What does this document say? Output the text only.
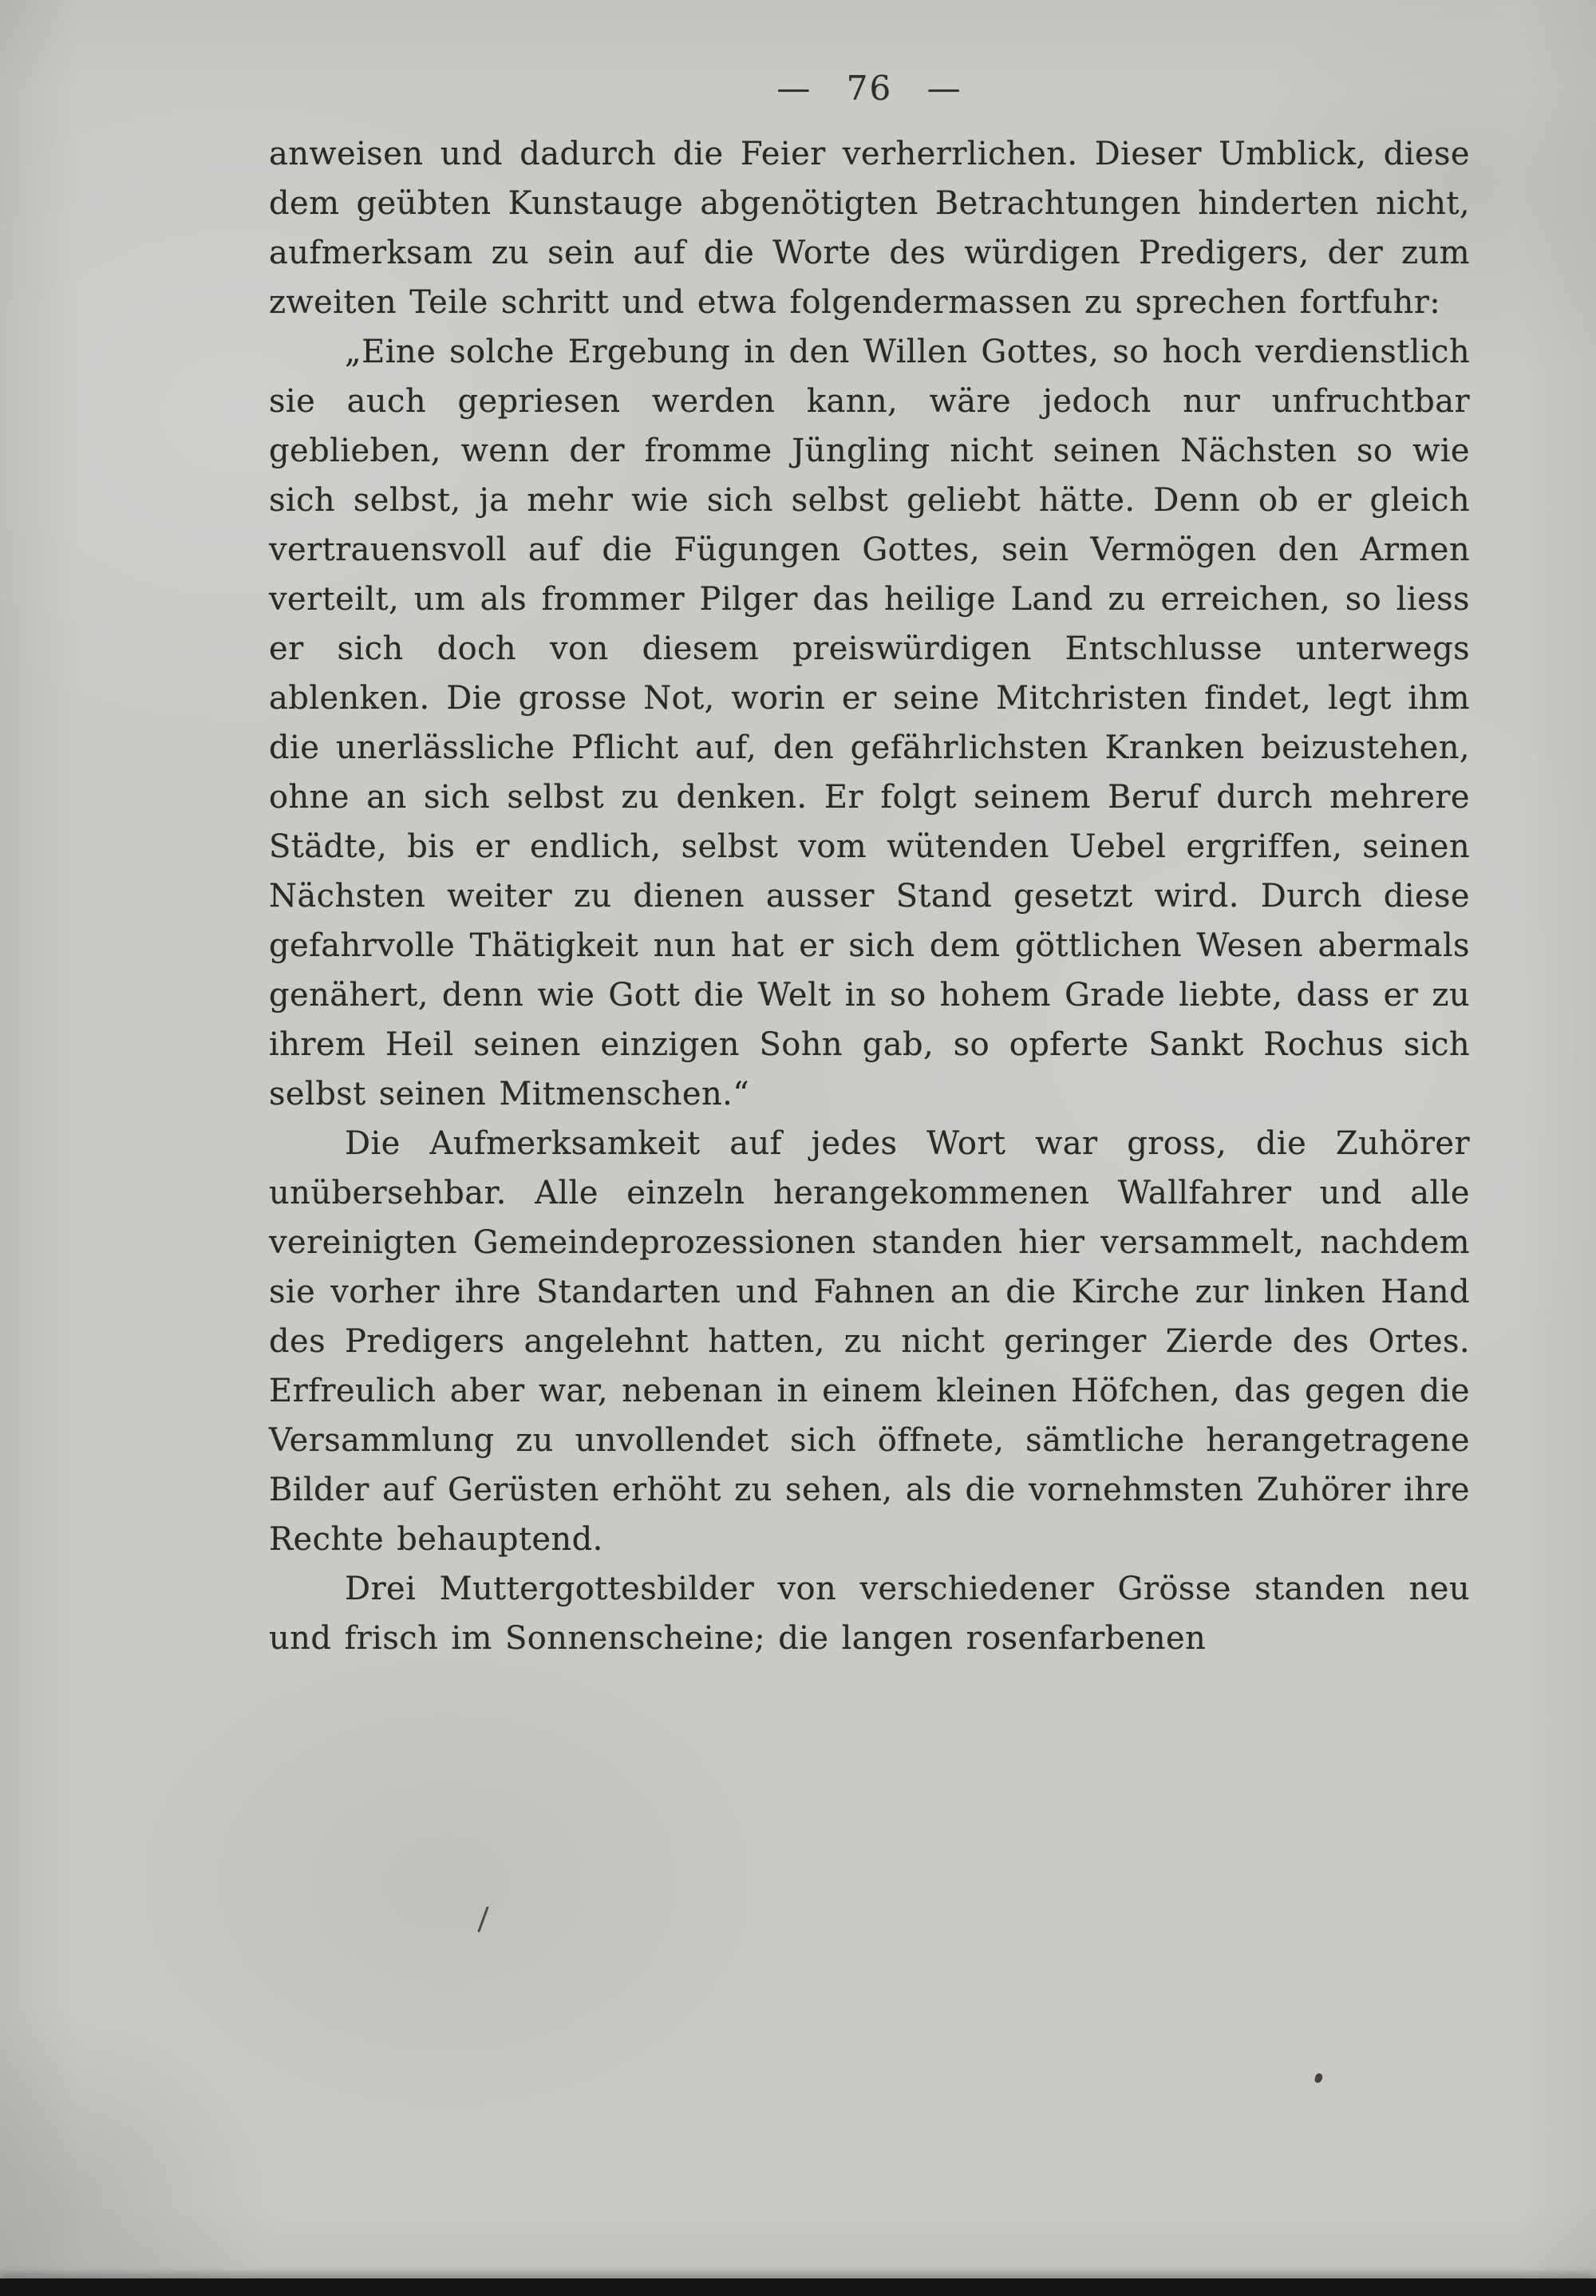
— 76 —

anweisen und dadurch die Feier verherrlichen. Dieser Umblick, diese dem geübten Kunstauge abgenötigten Betrachtungen hinderten nicht, aufmerksam zu sein auf die Worte des würdigen Predigers, der zum zweiten Teile schritt und etwa folgendermassen zu sprechen fortfuhr:

„Eine solche Ergebung in den Willen Gottes, so hoch verdienstlich sie auch gepriesen werden kann, wäre jedoch nur unfruchtbar geblieben, wenn der fromme Jüngling nicht seinen Nächsten so wie sich selbst, ja mehr wie sich selbst geliebt hätte. Denn ob er gleich vertrauensvoll auf die Fügungen Gottes, sein Vermögen den Armen verteilt, um als frommer Pilger das heilige Land zu erreichen, so liess er sich doch von diesem preiswürdigen Entschlusse unterwegs ablenken. Die grosse Not, worin er seine Mitchristen findet, legt ihm die unerlässliche Pflicht auf, den gefährlichsten Kranken beizustehen, ohne an sich selbst zu denken. Er folgt seinem Beruf durch mehrere Städte, bis er endlich, selbst vom wütenden Uebel ergriffen, seinen Nächsten weiter zu dienen ausser Stand gesetzt wird. Durch diese gefahrvolle Thätigkeit nun hat er sich dem göttlichen Wesen abermals genähert, denn wie Gott die Welt in so hohem Grade liebte, dass er zu ihrem Heil seinen einzigen Sohn gab, so opferte Sankt Rochus sich selbst seinen Mitmenschen.“

Die Aufmerksamkeit auf jedes Wort war gross, die Zuhörer unübersehbar. Alle einzeln herangekommenen Wallfahrer und alle vereinigten Gemeindeprozessionen standen hier versammelt, nachdem sie vorher ihre Standarten und Fahnen an die Kirche zur linken Hand des Predigers angelehnt hatten, zu nicht geringer Zierde des Ortes. Erfreulich aber war, nebenan in einem kleinen Höfchen, das gegen die Versammlung zu unvollendet sich öffnete, sämtliche herangetragene Bilder auf Gerüsten erhöht zu sehen, als die vornehmsten Zuhörer ihre Rechte behauptend.

Drei Muttergottesbilder von verschiedener Grösse standen neu und frisch im Sonnenscheine; die langen rosenfarbenen
